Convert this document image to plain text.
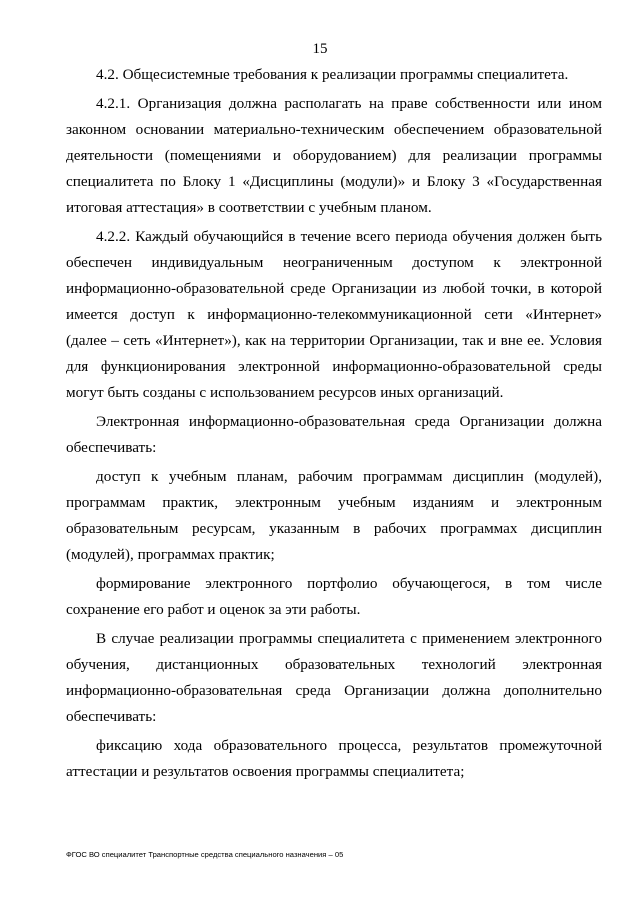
15

4.2. Общесистемные требования к реализации программы специалитета.

4.2.1. Организация должна располагать на праве собственности или ином законном основании материально-техническим обеспечением образовательной деятельности (помещениями и оборудованием) для реализации программы специалитета по Блоку 1 «Дисциплины (модули)» и Блоку 3 «Государственная итоговая аттестация» в соответствии с учебным планом.

4.2.2. Каждый обучающийся в течение всего периода обучения должен быть обеспечен индивидуальным неограниченным доступом к электронной информационно-образовательной среде Организации из любой точки, в которой имеется доступ к информационно-телекоммуникационной сети «Интернет» (далее – сеть «Интернет»), как на территории Организации, так и вне ее. Условия для функционирования электронной информационно-образовательной среды могут быть созданы с использованием ресурсов иных организаций.

Электронная информационно-образовательная среда Организации должна обеспечивать:

доступ к учебным планам, рабочим программам дисциплин (модулей), программам практик, электронным учебным изданиям и электронным образовательным ресурсам, указанным в рабочих программах дисциплин (модулей), программах практик;

формирование электронного портфолио обучающегося, в том числе сохранение его работ и оценок за эти работы.

В случае реализации программы специалитета с применением электронного обучения, дистанционных образовательных технологий электронная информационно-образовательная среда Организации должна дополнительно обеспечивать:

фиксацию хода образовательного процесса, результатов промежуточной аттестации и результатов освоения программы специалитета;

ФГОС ВО специалитет Транспортные средства специального назначения – 05
